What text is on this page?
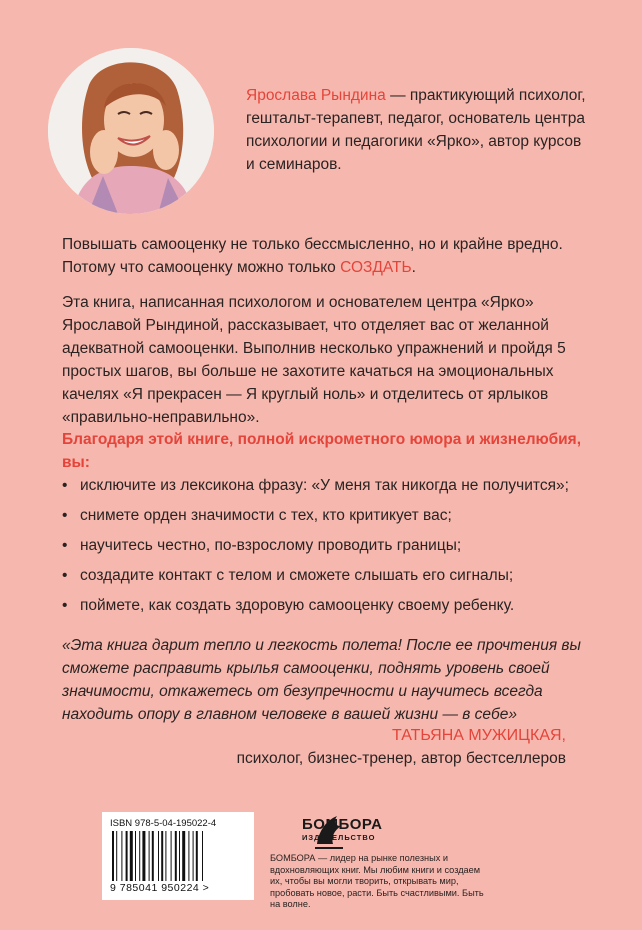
Ярослава Рындина — практикующий психолог, гештальт-терапевт, педагог, основатель центра психологии и педагогики «Ярко», автор курсов и семинаров.
Повышать самооценку не только бессмысленно, но и крайне вредно. Потому что самооценку можно только СОЗДАТЬ.
Эта книга, написанная психологом и основателем центра «Ярко» Ярославой Рындиной, рассказывает, что отделяет вас от желанной адекватной самооценки. Выполнив несколько упражнений и пройдя 5 простых шагов, вы больше не захотите качаться на эмоциональных качелях «Я прекрасен — Я круглый ноль» и отделитесь от ярлыков «правильно-неправильно».
Благодаря этой книге, полной искрометного юмора и жизнелюбия, вы:
• исключите из лексикона фразу: «У меня так никогда не получится»;
• снимете орден значимости с тех, кто критикует вас;
• научитесь честно, по-взрослому проводить границы;
• создадите контакт с телом и сможете слышать его сигналы;
• поймете, как создать здоровую самооценку своему ребенку.
«Эта книга дарит тепло и легкость полета! После ее прочтения вы сможете расправить крылья самооценки, поднять уровень своей значимости, откажетесь от безупречности и научитесь всегда находить опору в главном человеке в вашей жизни — в себе»
ТАТЬЯНА МУЖИЦКАЯ,
психолог, бизнес-тренер, автор бестселлеров
ISBN 978-5-04-195022-4
9 785041 950224 >
БОМБОРА
ИЗДАТЕЛЬСТВО
БОМБОРА — лидер на рынке полезных и вдохновляющих книг. Мы любим книги и создаем их, чтобы вы могли творить, открывать мир, пробовать новое, расти. Быть счастливыми. Быть на волне.
